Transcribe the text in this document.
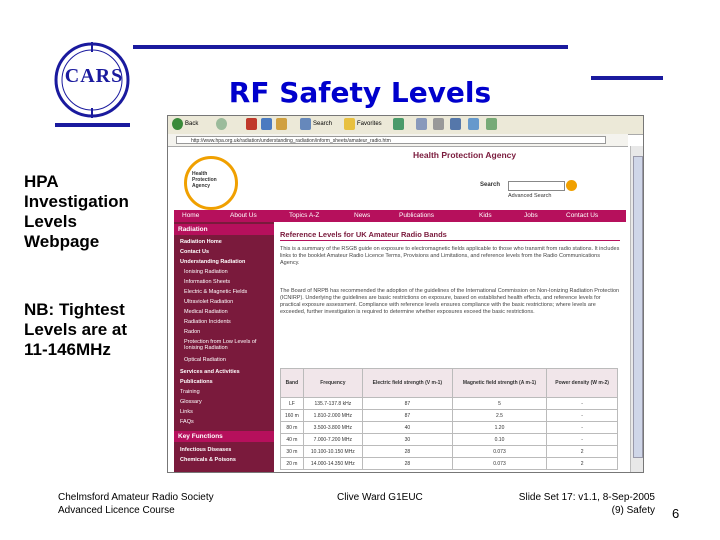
CARS	RF Safety Levels
HPA
Investigation
Levels
Webpage
NB: Tightest
Levels are at
11-146MHz
Back	Search	Favorites
http://www.hpa.org.uk/radiation/understanding_radiation/inform_sheets/amateur_radio.htm
Health Protection Agency
Health Protection Agency	Search
Advanced Search
Home	About Us	Topics A-Z	News	Publications	Kids	Jobs	Contact Us
Radiation
Radiation Home
Contact Us
Understanding Radiation
Ionising Radiation
Information Sheets
Electric & Magnetic Fields
Ultraviolet Radiation
Medical Radiation
Radiation Incidents
Radon
Protection from Low Levels of Ionising Radiation
Optical Radiation
Services and Activities
Publications
Training
Glossary
Links
FAQs
Key Functions
Infectious Diseases
Chemicals & Poisons
Reference Levels for UK Amateur Radio Bands
This is a summary of the RSGB guide on exposure to electromagnetic fields applicable to those who transmit from radio stations. It includes links to the booklet Amateur Radio Licence Terms, Provisions and Limitations, and reference levels from the Radio Communications Agency.
The Board of NRPB has recommended the adoption of the guidelines of the International Commission on Non-Ionizing Radiation Protection (ICNIRP). Underlying the guidelines are basic restrictions on exposure, based on established health effects, and reference levels for practical exposure assessment. Compliance with reference levels ensures compliance with the basic restrictions; where levels are exceeded, further investigation is required to determine whether exposures exceed the basic restrictions.
Band	Frequency	Electric field strength (V m-1)	Magnetic field strength (A m-1)	Power density (W m-2)
LF	135.7-137.8 kHz	87	5	-
160 m	1.810-2.000 MHz	87	2.5	-
80 m	3.500-3.800 MHz	40	1.20	-
40 m	7.000-7.200 MHz	30	0.10	-
30 m	10.100-10.150 MHz	28	0.073	2
20 m	14.000-14.350 MHz	28	0.073	2
Chelmsford Amateur Radio Society
Advanced Licence Course
Clive Ward G1EUC	Slide Set 17: v1.1, 8-Sep-2005
(9) Safety 6
